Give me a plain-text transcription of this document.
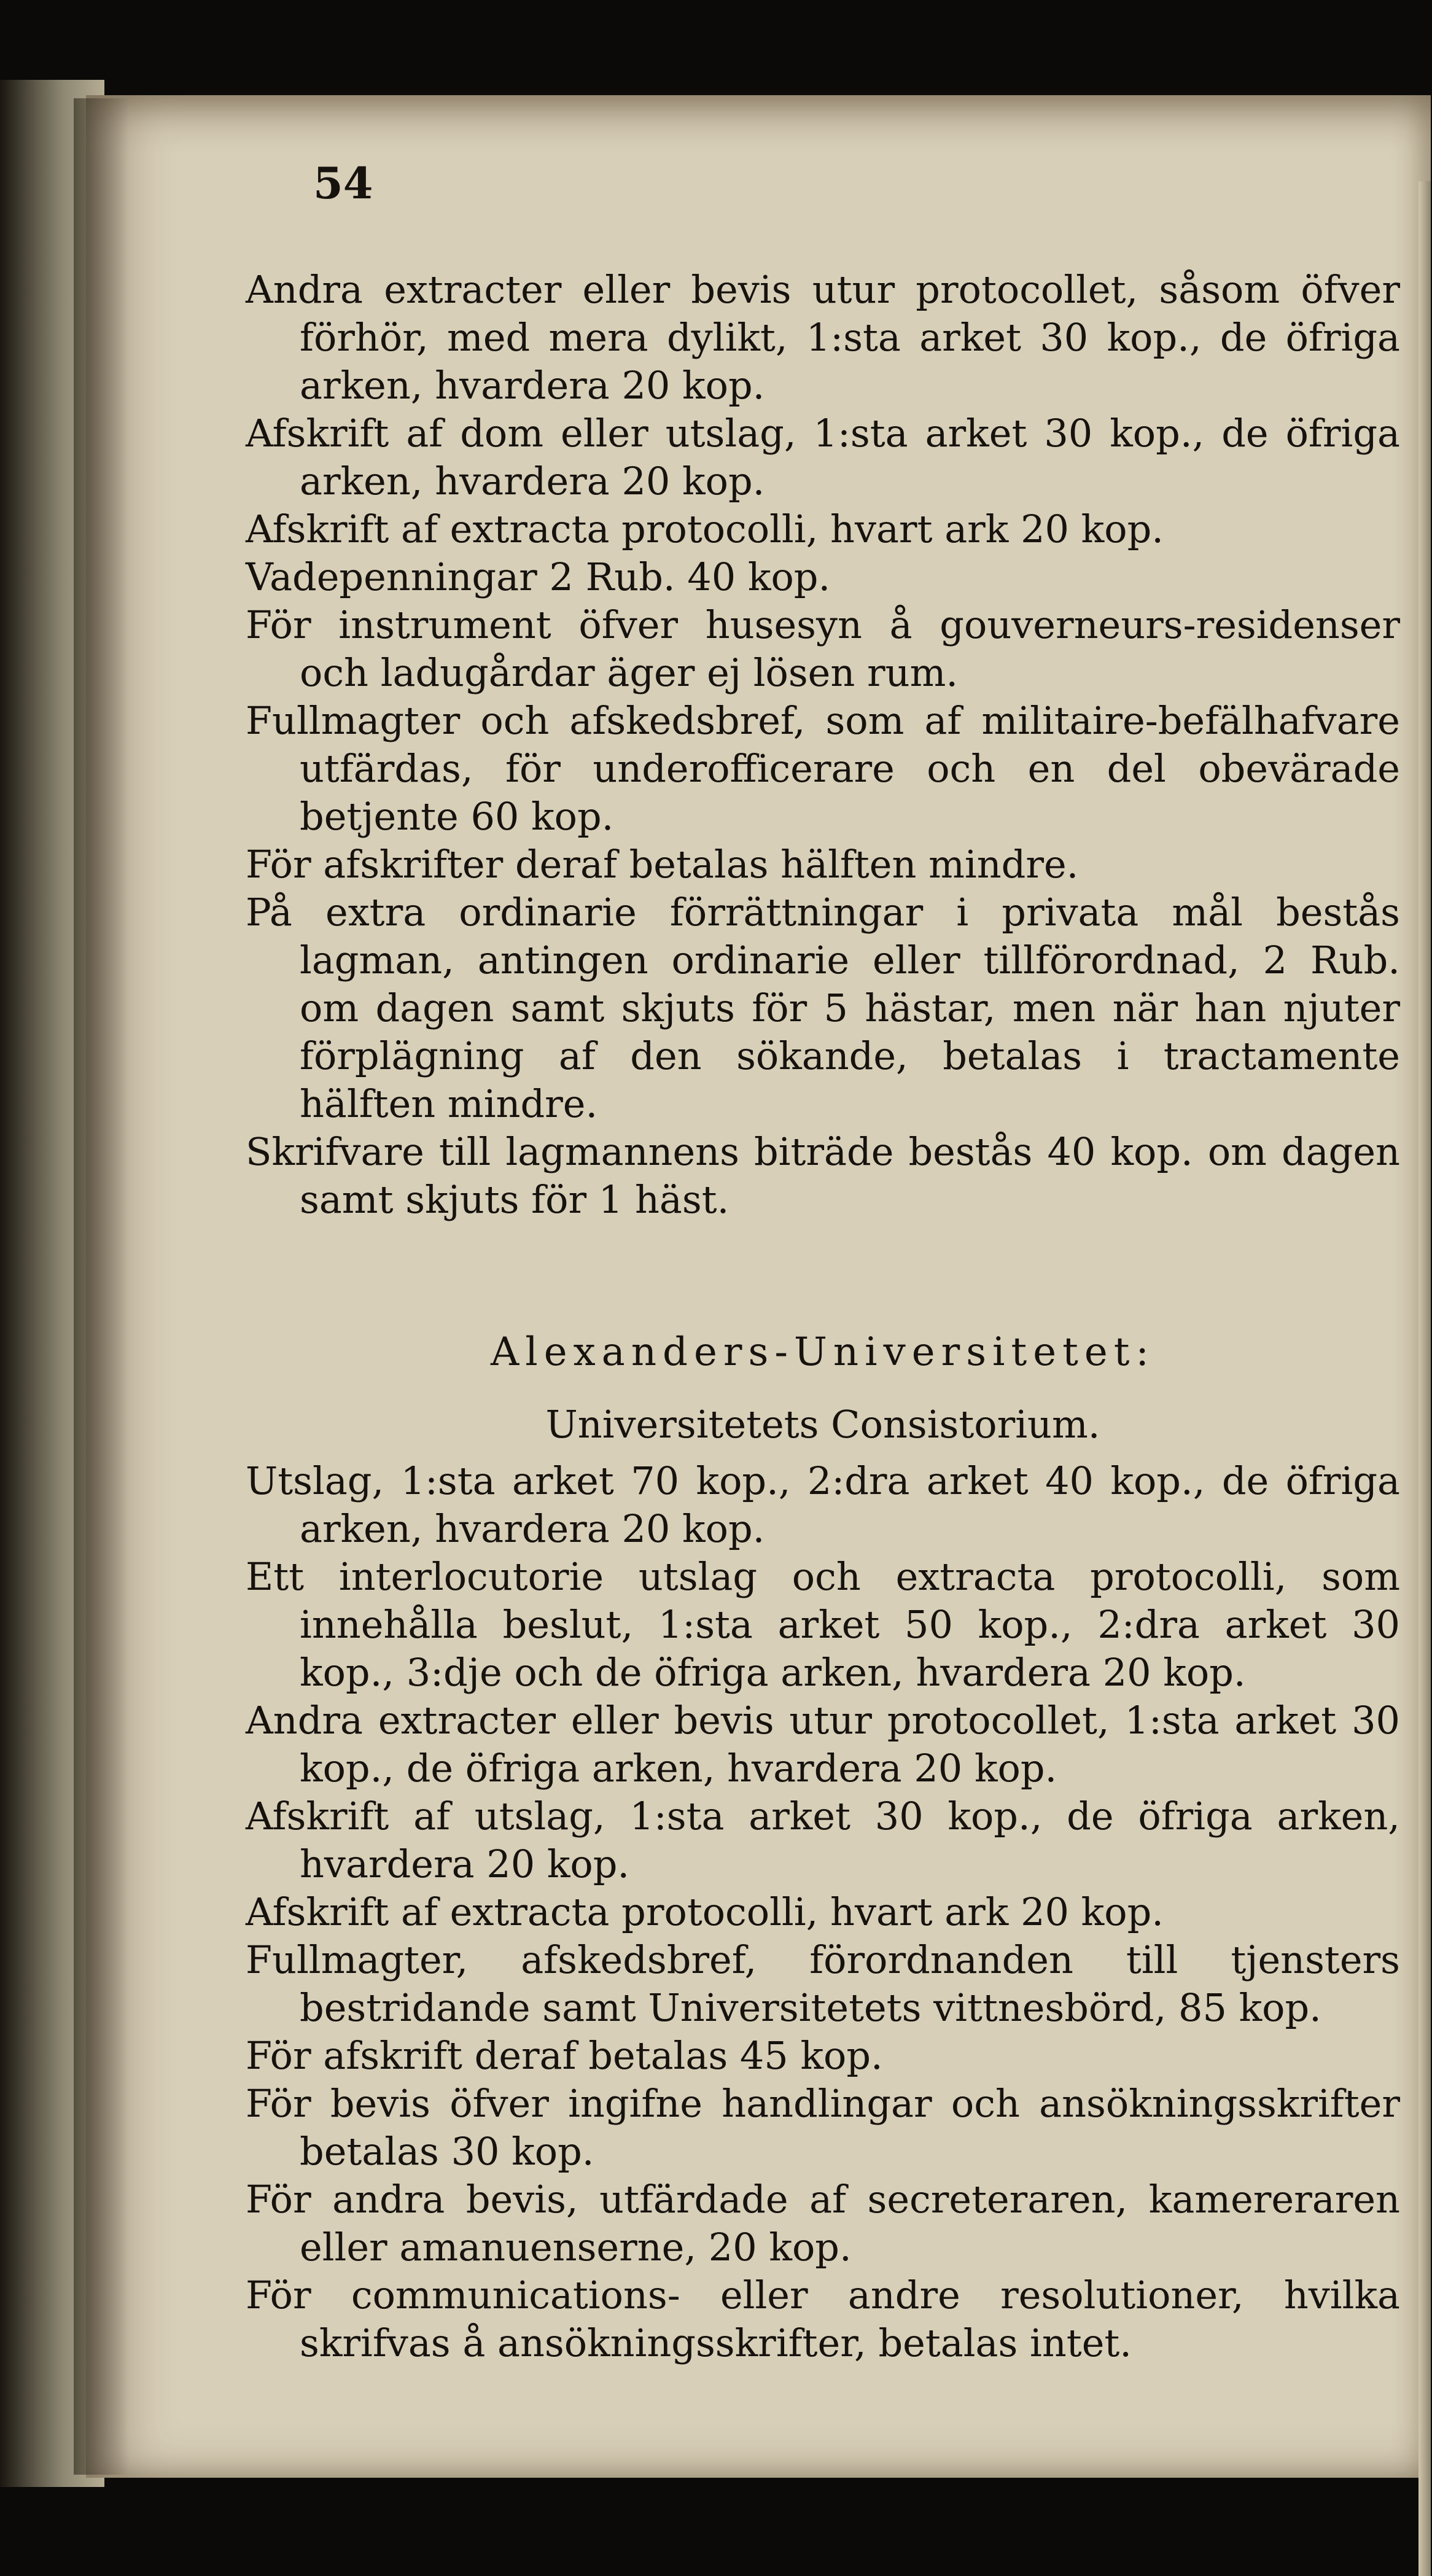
54

Andra extracter eller bevis utur protocollet, såsom öfver förhör, med mera dylikt, 1:sta arket 30 kop., de öfriga arken, hvardera 20 kop.

Afskrift af dom eller utslag, 1:sta arket 30 kop., de öfriga arken, hvardera 20 kop.

Afskrift af extracta protocolli, hvart ark 20 kop.

Vadepenningar 2 Rub. 40 kop.

För instrument öfver husesyn å gouverneurs-residenser och ladugårdar äger ej lösen rum.

Fullmagter och afskedsbref, som af militaire-befälhafvare utfärdas, för underofficerare och en del obevärade betjente 60 kop.

För afskrifter deraf betalas hälften mindre.

På extra ordinarie förrättningar i privata mål bestås lagman, antingen ordinarie eller tillförordnad, 2 Rub. om dagen samt skjuts för 5 hästar, men när han njuter förplägning af den sökande, betalas i tractamente hälften mindre.

Skrifvare till lagmannens biträde bestås 40 kop. om dagen samt skjuts för 1 häst.

Alexanders-Universitetet:

Universitetets Consistorium.

Utslag, 1:sta arket 70 kop., 2:dra arket 40 kop., de öfriga arken, hvardera 20 kop.

Ett interlocutorie utslag och extracta protocolli, som innehålla beslut, 1:sta arket 50 kop., 2:dra arket 30 kop., 3:dje och de öfriga arken, hvardera 20 kop.

Andra extracter eller bevis utur protocollet, 1:sta arket 30 kop., de öfriga arken, hvardera 20 kop.

Afskrift af utslag, 1:sta arket 30 kop., de öfriga arken, hvardera 20 kop.

Afskrift af extracta protocolli, hvart ark 20 kop.

Fullmagter, afskedsbref, förordnanden till tjensters bestridande samt Universitetets vittnesbörd, 85 kop.

För afskrift deraf betalas 45 kop.

För bevis öfver ingifne handlingar och ansökningsskrifter betalas 30 kop.

För andra bevis, utfärdade af secreteraren, kamereraren eller amanuenserne, 20 kop.

För communications- eller andre resolutioner, hvilka skrifvas å ansökningsskrifter, betalas intet.
